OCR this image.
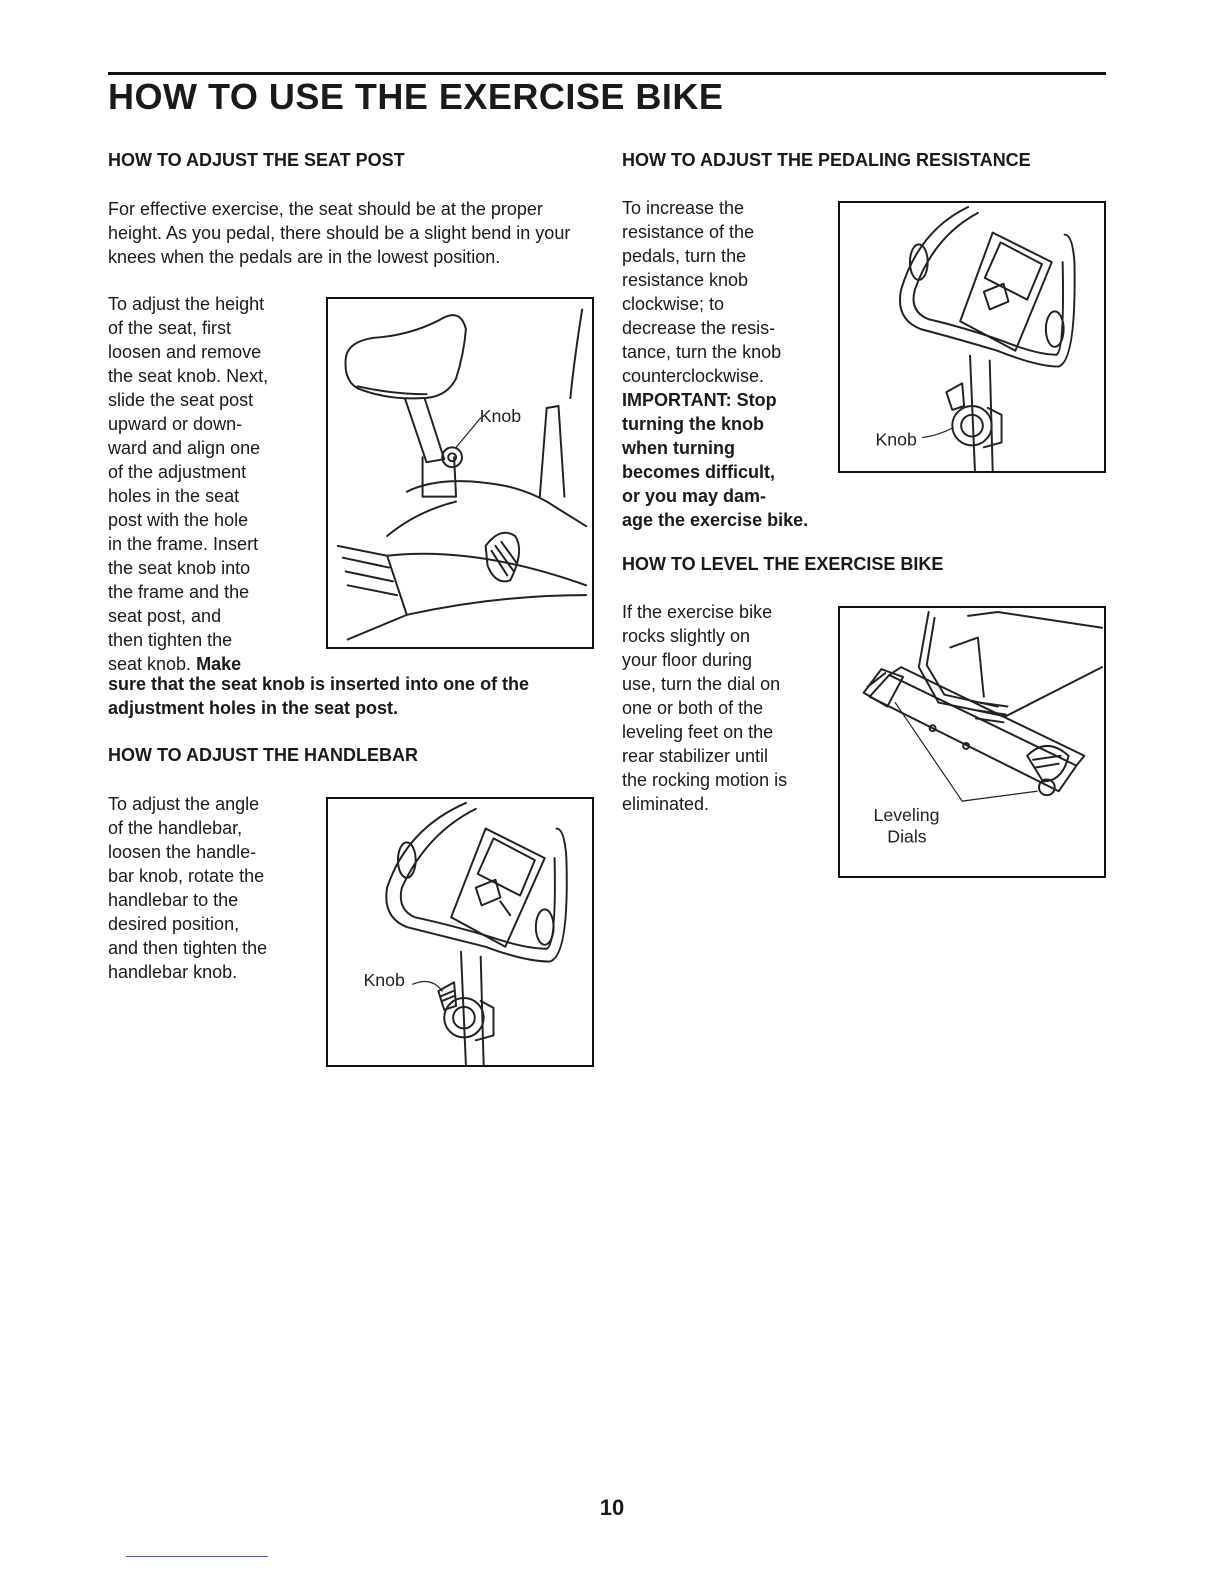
HOW TO USE THE EXERCISE BIKE
HOW TO ADJUST THE SEAT POST

For effective exercise, the seat should be at the proper height. As you pedal, there should be a slight bend in your knees when the pedals are in the lowest position.

To adjust the height
of the seat, first
loosen and remove
the seat knob. Next,
slide the seat post
upward or down-
ward and align one
of the adjustment
holes in the seat
post with the hole
in the frame. Insert
the seat knob into
the frame and the
seat post, and
then tighten the
seat knob. Make
sure that the seat knob is inserted into one of the
adjustment holes in the seat post.
Knob
HOW TO ADJUST THE HANDLEBAR
To adjust the angle
of the handlebar,
loosen the handle-
bar knob, rotate the
handlebar to the
desired position,
and then tighten the
handlebar knob.	Knob
HOW TO ADJUST THE PEDALING RESISTANCE
To increase the
resistance of the
pedals, turn the
resistance knob
clockwise; to
decrease the resis-
tance, turn the knob
counterclockwise.
IMPORTANT: Stop
turning the knob
when turning
becomes difficult,
or you may dam-
age the exercise bike.
Knob
HOW TO LEVEL THE EXERCISE BIKE
If the exercise bike
rocks slightly on
your floor during
use, turn the dial on
one or both of the
leveling feet on the
rear stabilizer until
the rocking motion is
eliminated.
Leveling
Dials
10
